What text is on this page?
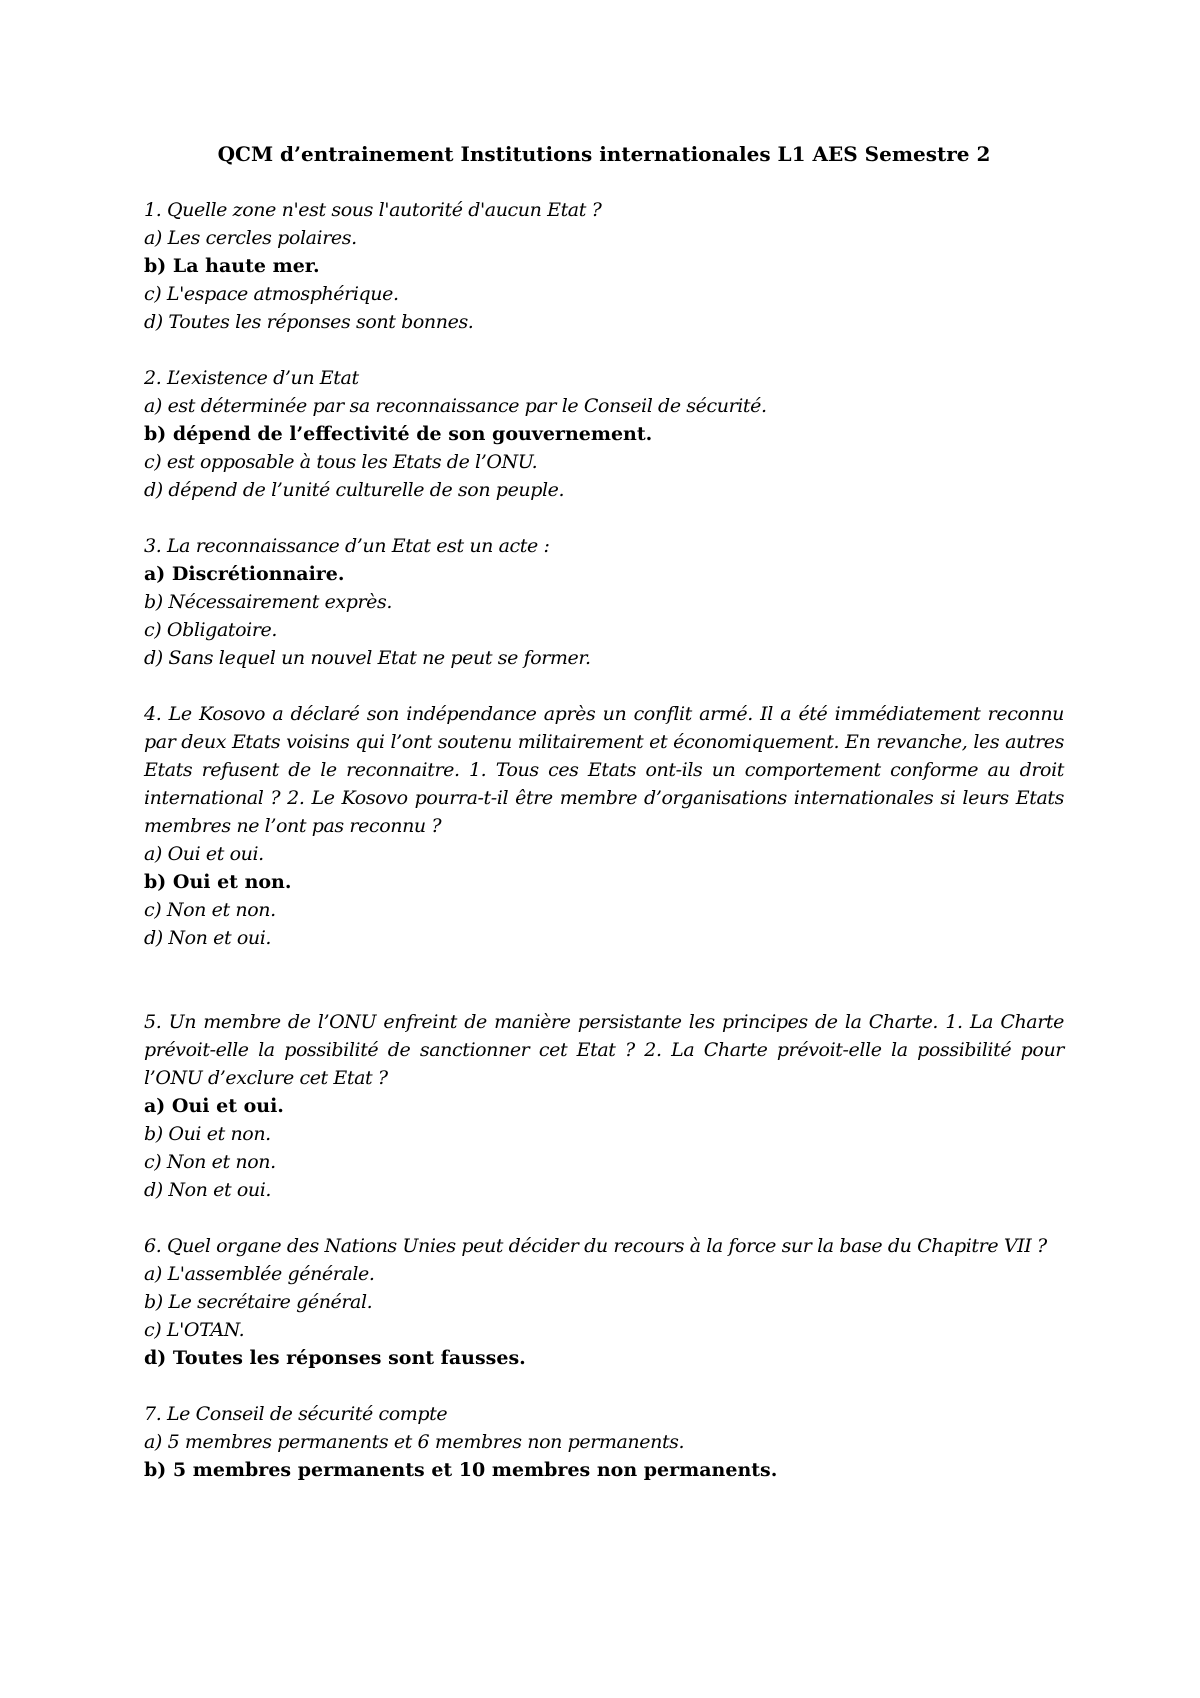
QCM d’entrainement Institutions internationales L1 AES Semestre 2
1. Quelle zone n'est sous l'autorité d'aucun Etat ?
a) Les cercles polaires.
b) La haute mer.
c) L'espace atmosphérique.
d) Toutes les réponses sont bonnes.
2. L’existence d’un Etat
a) est déterminée par sa reconnaissance par le Conseil de sécurité.
b) dépend de l’effectivité de son gouvernement.
c) est opposable à tous les Etats de l’ONU.
d) dépend de l’unité culturelle de son peuple.
3. La reconnaissance d’un Etat est un acte :
a) Discrétionnaire.
b) Nécessairement exprès.
c) Obligatoire.
d) Sans lequel un nouvel Etat ne peut se former.
4. Le Kosovo a déclaré son indépendance après un conflit armé. Il a été immédiatement reconnu par deux Etats voisins qui l’ont soutenu militairement et économiquement. En revanche, les autres Etats refusent de le reconnaitre. 1. Tous ces Etats ont-ils un comportement conforme au droit international ? 2. Le Kosovo pourra-t-il être membre d’organisations internationales si leurs Etats membres ne l’ont pas reconnu ?
a) Oui et oui.
b) Oui et non.
c) Non et non.
d) Non et oui.
5. Un membre de l’ONU enfreint de manière persistante les principes de la Charte. 1. La Charte prévoit-elle la possibilité de sanctionner cet Etat ? 2. La Charte prévoit-elle la possibilité pour l’ONU d’exclure cet Etat ?
a) Oui et oui.
b) Oui et non.
c) Non et non.
d) Non et oui.
6. Quel organe des Nations Unies peut décider du recours à la force sur la base du Chapitre VII ?
a) L'assemblée générale.
b) Le secrétaire général.
c) L'OTAN.
d) Toutes les réponses sont fausses.
7. Le Conseil de sécurité compte
a) 5 membres permanents et 6 membres non permanents.
b) 5 membres permanents et 10 membres non permanents.
